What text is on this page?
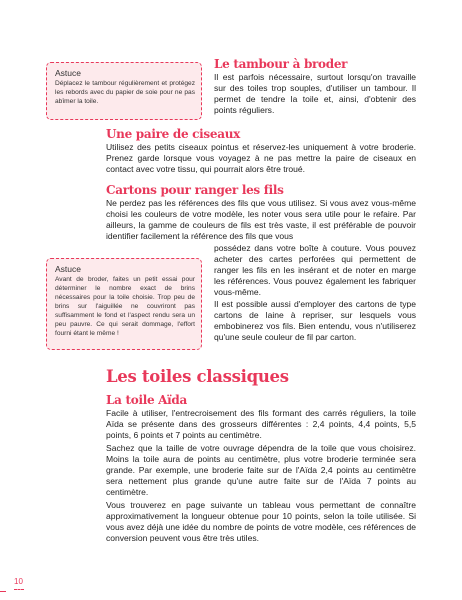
Astuce
Déplacez le tambour régulièrement et protégez les rebords avec du papier de soie pour ne pas abîmer la toile.
Le tambour à broder

Il est parfois nécessaire, surtout lorsqu'on travaille sur des toiles trop souples, d'utiliser un tambour. Il permet de tendre la toile et, ainsi, d'obtenir des points réguliers.

Une paire de ciseaux

Utilisez des petits ciseaux pointus et réservez-les uniquement à votre broderie. Prenez garde lorsque vous voyagez à ne pas mettre la paire de ciseaux en contact avec votre tissu, qui pourrait alors être troué.

Cartons pour ranger les fils

Ne perdez pas les références des fils que vous utilisez. Si vous avez vous-même choisi les couleurs de votre modèle, les noter vous sera utile pour le refaire. Par ailleurs, la gamme de couleurs de fils est très vaste, il est préférable de pouvoir identifier facilement la référence des fils que vous

possédez dans votre boîte à couture. Vous pouvez acheter des cartes perforées qui permettent de ranger les fils en les insérant et de noter en marge les références. Vous pouvez également les fabriquer vous-même.

Il est possible aussi d'employer des cartons de type cartons de laine à repriser, sur lesquels vous embobinerez vos fils. Bien entendu, vous n'utiliserez qu'une seule couleur de fil par carton.

Astuce
Avant de broder, faites un petit essai pour déterminer le nombre exact de brins nécessaires pour la toile choisie. Trop peu de brins sur l'aiguillée ne couvriront pas suffisamment le fond et l'aspect rendu sera un peu pauvre. Ce qui serait dommage, l'effort fourni étant le même !
Les toiles classiques
La toile Aïda

Facile à utiliser, l'entrecroisement des fils formant des carrés réguliers, la toile Aïda se présente dans des grosseurs différentes : 2,4 points, 4,4 points, 5,5 points, 6 points et 7 points au centimètre.

Sachez que la taille de votre ouvrage dépendra de la toile que vous choisirez. Moins la toile aura de points au centimètre, plus votre broderie terminée sera grande. Par exemple, une broderie faite sur de l'Aïda 2,4 points au centimètre sera nettement plus grande qu'une autre faite sur de l'Aïda 7 points au centimètre.

Vous trouverez en page suivante un tableau vous permettant de connaître approximativement la longueur obtenue pour 10 points, selon la toile utilisée. Si vous avez déjà une idée du nombre de points de votre modèle, ces références de conversion peuvent vous être très utiles.

10
